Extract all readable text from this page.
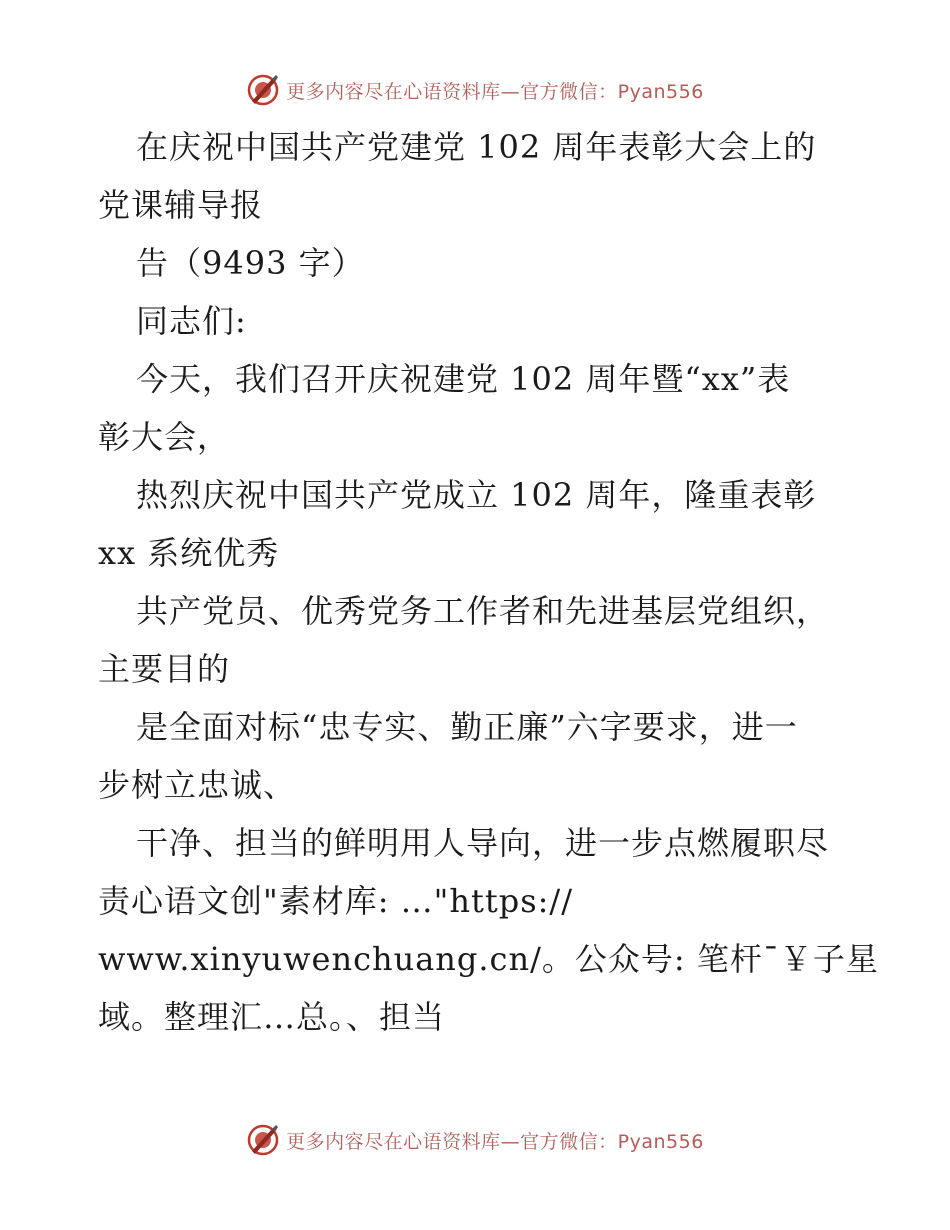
更多内容尽在心语资料库—官方微信：Pyan556
在庆祝中国共产党建党 102 周年表彰大会上的
党课辅导报
告（9493 字）
同志们:
今天，我们召开庆祝建党 102 周年暨“xx”表
彰大会，
热烈庆祝中国共产党成立 102 周年，隆重表彰
xx 系统优秀
共产党员、优秀党务工作者和先进基层党组织，
主要目的
是全面对标“忠专实、勤正廉”六字要求，进一
步树立忠诚、
干净、担当的鲜明用人导向，进一步点燃履职尽
责心语文创"素材库: …"https://
www.xinyuwenchuang.cn/。公众号: 笔杆¯￥子星
域。整理汇…总。、担当
更多内容尽在心语资料库—官方微信：Pyan556
